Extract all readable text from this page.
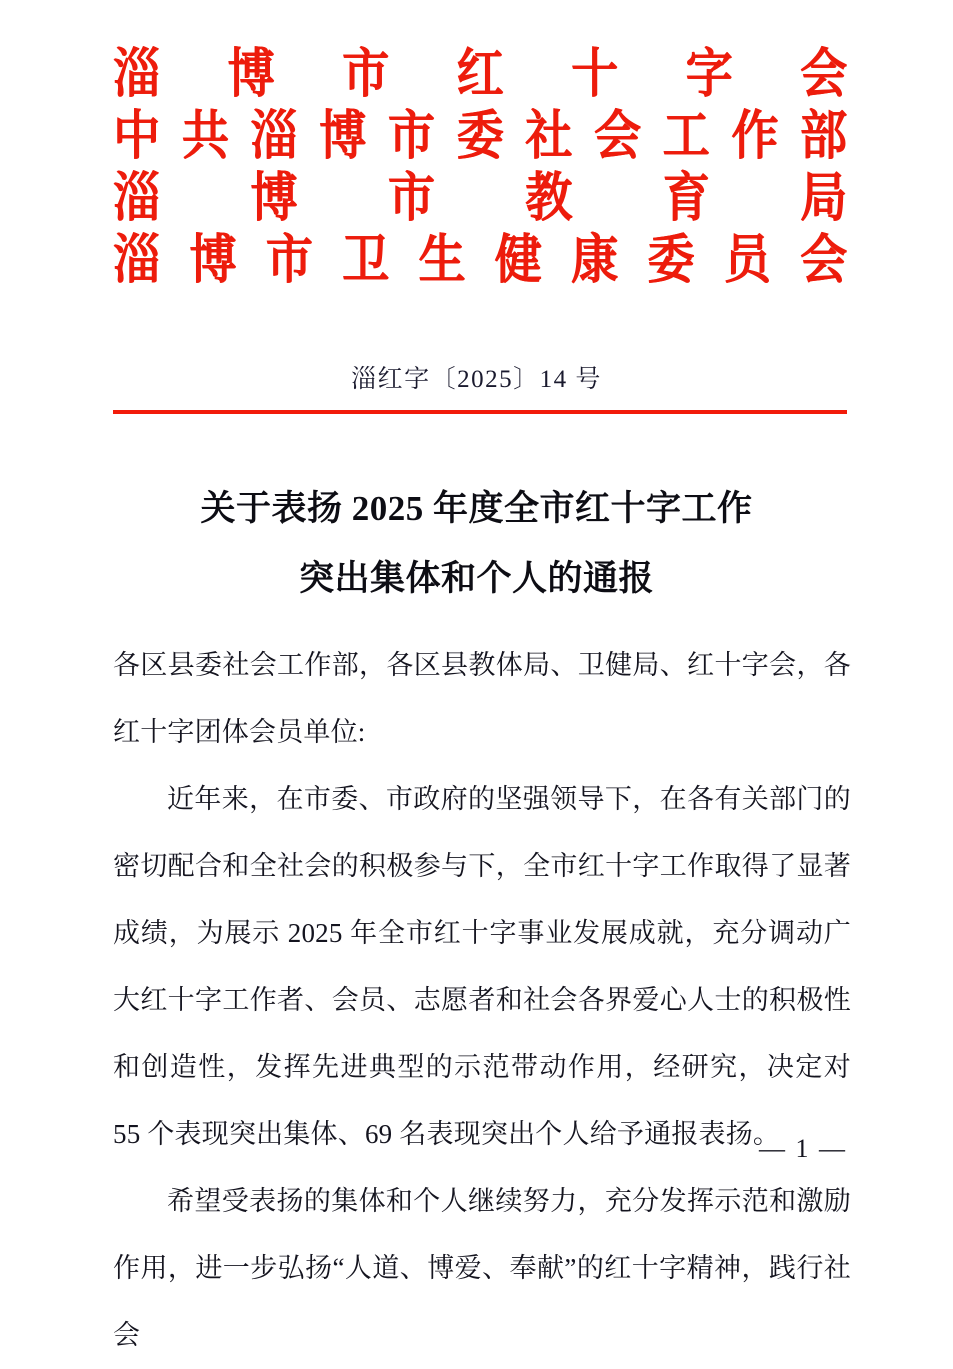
淄 博 市 红 十 字 会
中 共 淄 博 市 委 社 会 工 作 部
淄 博 市 教 育 局
淄 博 市 卫 生 健 康 委 员 会
淄红字〔2025〕14 号
关于表扬 2025 年度全市红十字工作
突出集体和个人的通报

各区县委社会工作部，各区县教体局、卫健局、红十字会，各红十字团体会员单位:

近年来，在市委、市政府的坚强领导下，在各有关部门的密切配合和全社会的积极参与下，全市红十字工作取得了显著成绩，为展示 2025 年全市红十字事业发展成就，充分调动广大红十字工作者、会员、志愿者和社会各界爱心人士的积极性和创造性，发挥先进典型的示范带动作用，经研究，决定对 55 个表现突出集体、69 名表现突出个人给予通报表扬。

希望受表扬的集体和个人继续努力，充分发挥示范和激励作用，进一步弘扬“人道、博爱、奉献”的红十字精神，践行社会

— 1 —
